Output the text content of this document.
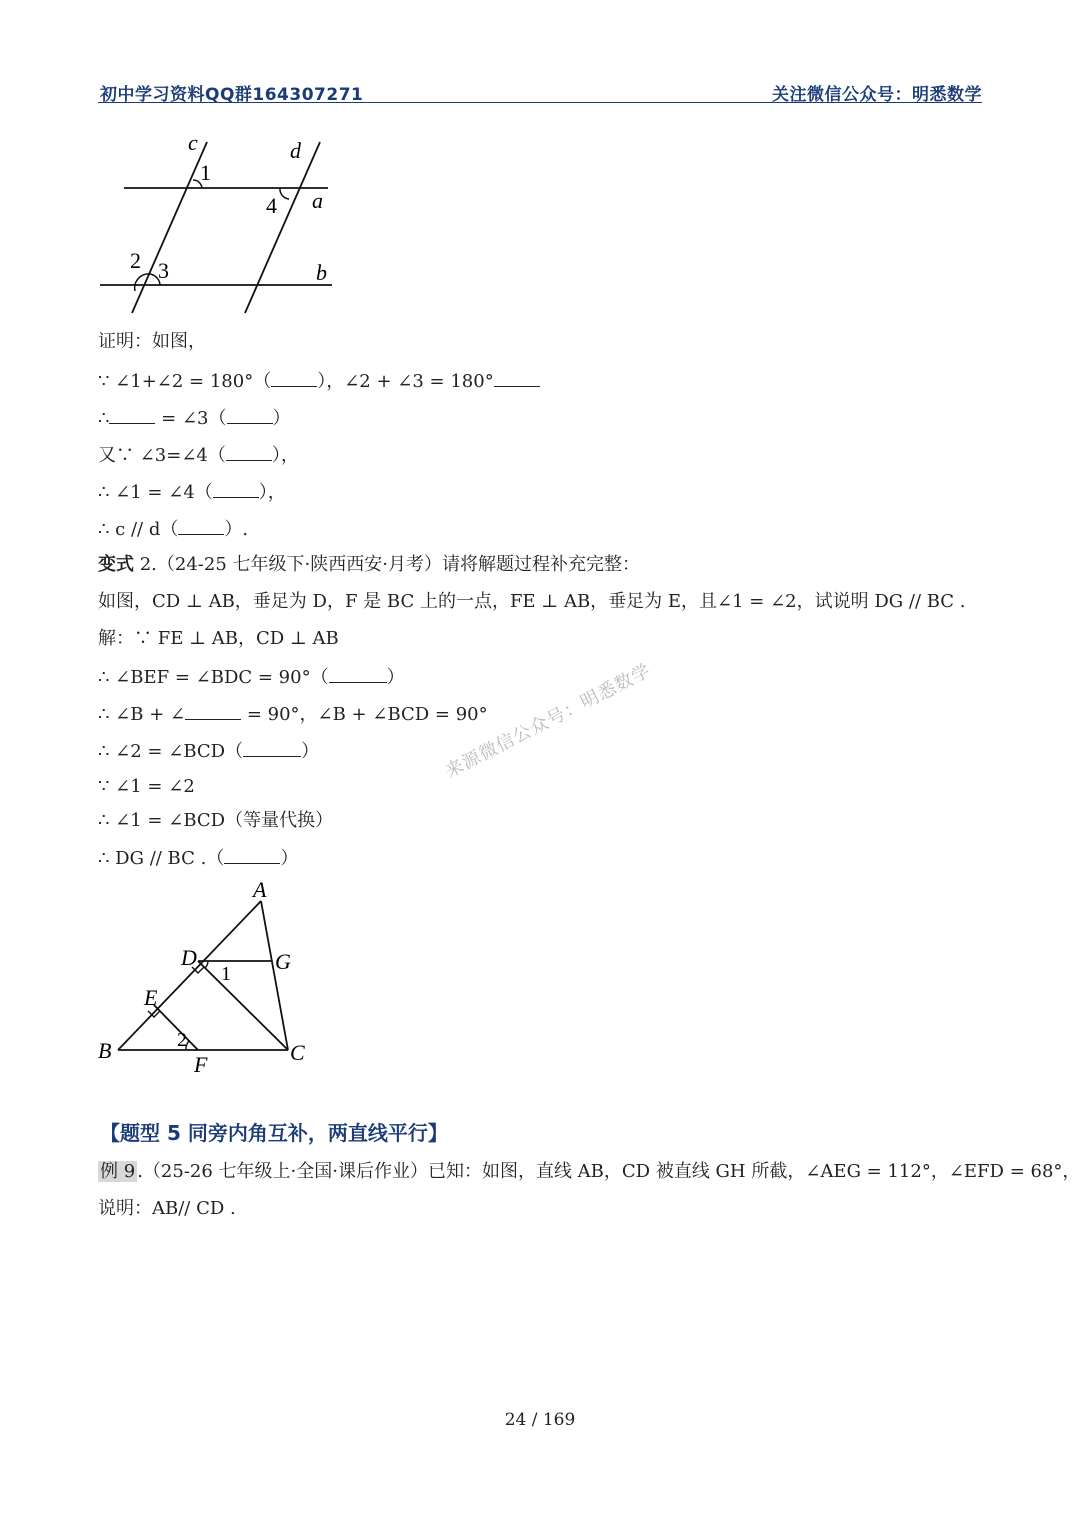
初中学习资料QQ群164307271	关注微信公众号：明悉数学
c	d
a
b
1
4
2 3
证明：如图，
∵ ∠1+∠2 = 180°（	），∠2 + ∠3 = 180°
∴	= ∠3（	）
又∵ ∠3=∠4（	），
∴ ∠1 = ∠4（	），
∴ c // d（	）.
变式 2.（24-25 七年级下·陕西西安·月考）请将解题过程补充完整：
如图，CD ⊥ AB，垂足为 D，F 是 BC 上的一点，FE ⊥ AB，垂足为 E，且∠1 = ∠2，试说明 DG // BC .
解：∵ FE ⊥ AB，CD ⊥ AB
∴ ∠BEF = ∠BDC = 90°（	）
∴ ∠B + ∠	= 90°，∠B + ∠BCD = 90°
∴ ∠2 = ∠BCD（	）
∵ ∠1 = ∠2
∴ ∠1 = ∠BCD（等量代换）
∴ DG // BC .（	）
来源微信公众号：明悉数学
A
B	C
D
E
F
G
1
2
【题型 5 同旁内角互补，两直线平行】
例 9 .（25-26 七年级上·全国·课后作业）已知：如图，直线 AB，CD 被直线 GH 所截，∠AEG = 112°，∠EFD = 68°，
说明：AB// CD .
24 / 169
